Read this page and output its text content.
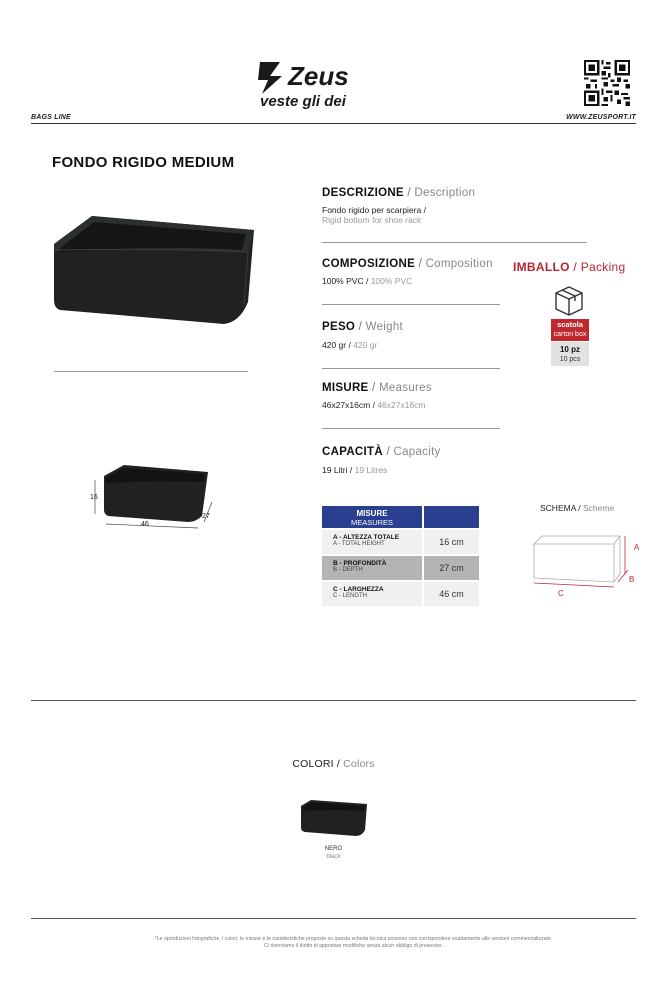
Zeus
veste gli dei
BAGS LINE	WWW.ZEUSPORT.IT
FONDO RIGIDO MEDIUM
16
46
27
DESCRIZIONE / Description
Fondo rigido per scarpiera /
Rigid bottom for shoe rack
COMPOSIZIONE / Composition
100% PVC / 100% PVC
PESO / Weight
420 gr / 420 gr
MISURE / Measures
46x27x16cm / 46x27x16cm
CAPACITÀ / Capacity
19 Litri / 19 Litres
IMBALLO / Packing
scatola
carton box
10 pz
10 pcs
MISURE
MEASURES
A - ALTEZZA TOTALE
A - TOTAL HEIGHT	16 cm
B - PROFONDITÀ
B - DEPTH	27 cm
C - LARGHEZZA
C - LENGTH	46 cm
SCHEMA / Scheme
A
B
C
COLORI / Colors
NERO
black
*Le riproduzioni fotografiche, i colori, le misure e le caratteristiche proposte su questa scheda tecnica possono non corrispondere esattamente alle versioni commercializzate.
Ci riserviamo il diritto di apportare modifiche senza alcun obbligo di preavviso.
